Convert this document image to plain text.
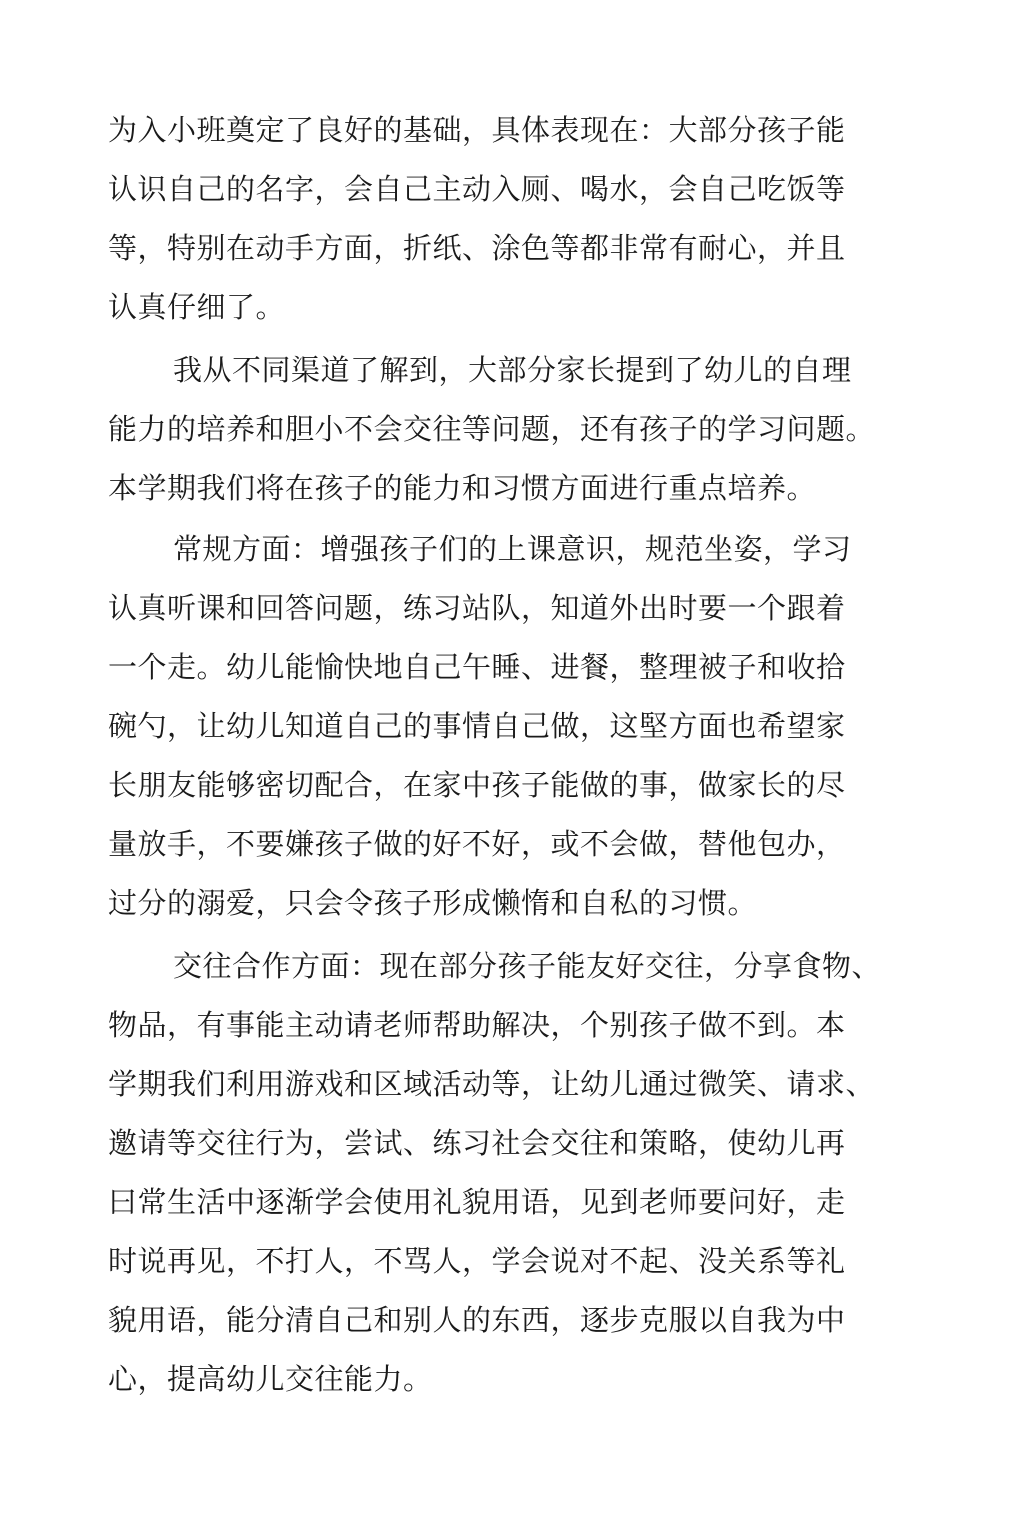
为入小班奠定了良好的基础，具体表现在：大部分孩子能
认识自己的名字，会自己主动入厕、喝水，会自己吃饭等
等，特别在动手方面，折纸、涂色等都非常有耐心，并且
认真仔细了。
我从不同渠道了解到，大部分家长提到了幼儿的自理
能力的培养和胆小不会交往等问题，还有孩子的学习问题。
本学期我们将在孩子的能力和习惯方面进行重点培养。
常规方面：增强孩子们的上课意识，规范坐姿，学习
认真听课和回答问题，练习站队，知道外出时要一个跟着
一个走。幼儿能愉快地自己午睡、进餐，整理被子和收拾
碗勺，让幼儿知道自己的事情自己做，这堅方面也希望家
长朋友能够密切配合，在家中孩子能做的事，做家长的尽
量放手，不要嫌孩子做的好不好，或不会做，替他包办，
过分的溺爱，只会令孩子形成懒惰和自私的习惯。
交往合作方面：现在部分孩子能友好交往，分享食物、
物品，有事能主动请老师帮助解决，个别孩子做不到。本
学期我们利用游戏和区域活动等，让幼儿通过微笑、请求、
邀请等交往行为，尝试、练习社会交往和策略，使幼儿再
曰常生活中逐渐学会使用礼貌用语，见到老师要问好，走
时说再见，不打人，不骂人，学会说对不起、没关系等礼
貌用语，能分清自己和别人的东西，逐步克服以自我为中
心，提高幼儿交往能力。
